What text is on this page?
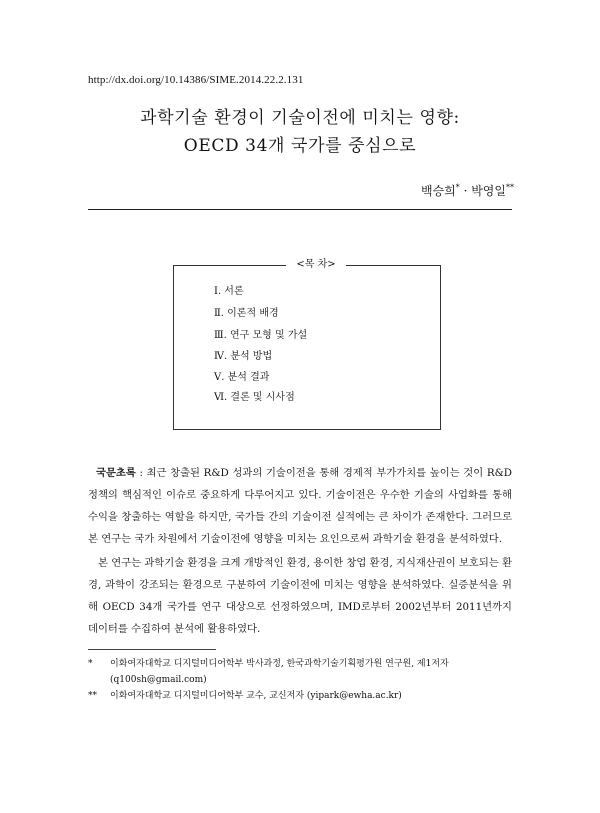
http://dx.doi.org/10.14386/SIME.2014.22.2.131
과학기술 환경이 기술이전에 미치는 영향:
OECD 34개 국가를 중심으로
백승희* · 박영일**
<목 차>
Ⅰ. 서론
Ⅱ. 이론적 배경
Ⅲ. 연구 모형 및 가설
Ⅳ. 분석 방법
Ⅴ. 분석 결과
Ⅵ. 결론 및 시사점
국문초록 : 최근 창출된 R&D 성과의 기술이전을 통해 경제적 부가가치를 높이는 것이 R&D 정책의 핵심적인 이슈로 중요하게 다루어지고 있다. 기술이전은 우수한 기술의 사업화를 통해 수익을 창출하는 역할을 하지만, 국가들 간의 기술이전 실적에는 큰 차이가 존재한다. 그러므로 본 연구는 국가 차원에서 기술이전에 영향을 미치는 요인으로써 과학기술 환경을 분석하였다.
본 연구는 과학기술 환경을 크게 개방적인 환경, 용이한 창업 환경, 지식재산권이 보호되는 환경, 과학이 강조되는 환경으로 구분하여 기술이전에 미치는 영향을 분석하였다. 실증분석을 위해 OECD 34개 국가를 연구 대상으로 선정하였으며, IMD로부터 2002년부터 2011년까지 데이터를 수집하여 분석에 활용하였다.
* 이화여자대학교 디지털미디어학부 박사과정, 한국과학기술기획평가원 연구원, 제1저자
(q100sh@gmail.com)
** 이화여자대학교 디지털미디어학부 교수, 교신저자 (yipark@ewha.ac.kr)
